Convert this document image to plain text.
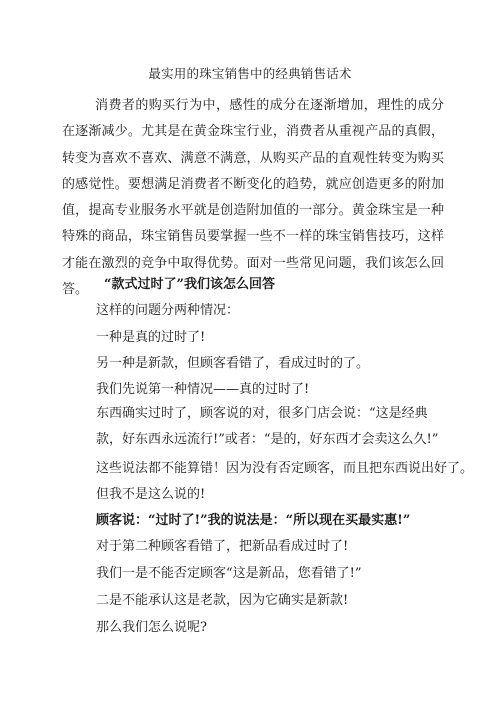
最实用的珠宝销售中的经典销售话术

消费者的购买行为中，感性的成分在逐渐增加，理性的成分在逐渐减少。尤其是在黄金珠宝行业，消费者从重视产品的真假，转变为喜欢不喜欢、满意不满意，从购买产品的直观性转变为购买的感觉性。要想满足消费者不断变化的趋势，就应创造更多的附加值，提高专业服务水平就是创造附加值的一部分。黄金珠宝是一种特殊的商品，珠宝销售员要掌握一些不一样的珠宝销售技巧，这样才能在激烈的竞争中取得优势。面对一些常见问题，我们该怎么回答。	“款式过时了”我们该怎么回答

这样的问题分两种情况：

一种是真的过时了!

另一种是新款，但顾客看错了，看成过时的了。

我们先说第一种情况——真的过时了!

东西确实过时了，顾客说的对，很多门店会说：“这是经典款，好东西永远流行!”或者：“是的，好东西才会卖这么久!”

这些说法都不能算错！因为没有否定顾客，而且把东西说出好了。

但我不是这么说的!

顾客说：“过时了!”我的说法是：“所以现在买最实惠!”

对于第二种顾客看错了，把新品看成过时了!

我们一是不能否定顾客“这是新品，您看错了!”

二是不能承认这是老款，因为它确实是新款!

那么我们怎么说呢?
